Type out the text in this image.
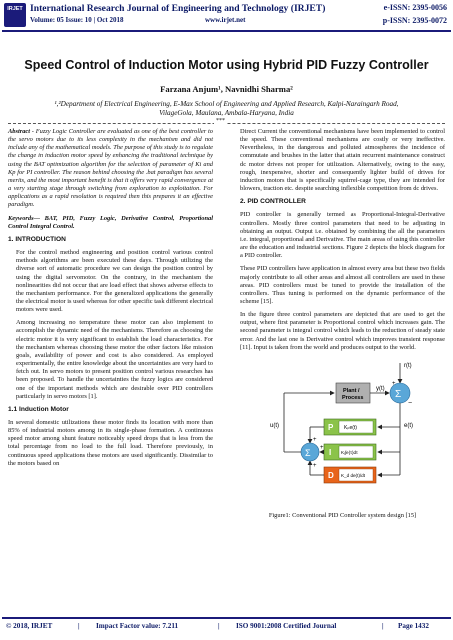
IRJET International Research Journal of Engineering and Technology (IRJET)	e-ISSN: 2395-0056
Volume: 05 Issue: 10 | Oct 2018	www.irjet.net	p-ISSN: 2395-0072
Speed Control of Induction Motor using Hybrid PID Fuzzy Controller
Farzana Anjum¹, Navnidhi Sharma²
¹,²Department of Electrical Engineering, E-Max School of Engineering and Applied Research, Kalpi-Naraingarh Road, VilageGola, Maulana, Ambala-Haryana, India
***

Abstract - Fuzzy Logic Controller are evaluated as one of the best controller to the servo motors due to its less complexity in the mechanism and did not include any of the mathematical models. The purpose of this study is to regulate the change in induction motor speed by enhancing the traditional technique by using the BAT optimization algorithm for the selection of parameter of Ki and Kp for PI controller. The reason behind choosing the .bat paradigm has several merits, and the most important benefit is that it offers very rapid convergence at a very starting stage through switching from exploration to exploitation. For applications as a rapid resolution is required then this prepares it an effective paradigm.

Keywords— BAT, PID, Fuzzy Logic, Derivative Control, Proportional Control Integral Control.

1. INTRODUCTION

For the control method engineering and position control various control methods algorithms are been executed these days. Through utilizing the diverse sort of automatic procedure we can design the position control by using the digital servomotor. On the contrary, in the mechanism the nonlinearities did not occur that are load effect that shows adverse effects to the mechanism performance. For the generalized applications the generally the electrical motor is used whereas for other specific task different electrical motors were used.

Among increasing no temperature these motor can also implement to accomplish the dynamic need of the mechanisms. Therefore as choosing the electric motor it is very significant to establish the load characteristics. For the mechanism whereas choosing these motor the other factors like mission goals, availability of power and cost is also considered. As employed experimentally, the entire knowledge about the uncertainties are very hard to fetch out. In servo motors to present position control various researches has been proposed. To handle the uncertainties the fuzzy logics are considered one of the important methods which are desirable over PID controllers particularly in servo motors [1].

1.1 Induction Motor

In several domestic utilizations these motor finds its location with more than 85% of industrial motors among in its single-phase formation. A continuous speed motor among shunt feature noticeably speed drops that is less from the total percentage from no load to the full load. Therefore previously, in continuous speed applications these motors are used significantly. Dissimilar to the motors based on

Direct Current the conventional mechanisms have been implemented to control the speed. These conventional mechanisms are costly or very ineffective. Nevertheless, in the dangerous and polluted atmospheres the incidence of commutate and brushes in the latter that attain recurrent maintenance construct dc motor drives not proper for utilization. Alternatively, owing to the easy, rough, inexpensive, shorter and consequently lighter build of drives for induction motors that is specifically squirrel-cage type, they are intended for blowers, traction etc. despite searching inflexible competition from dc drives.

2. PID CONTROLLER

PID controller is generally termed as Proportional-Integral-Derivative controllers. Mostly three control parameters that need to be adjusting in obtaining an output. Output i.e. obtained by combining the all the parameters i.e. integral, proportional and Derivative. The main areas of using this controller are the education and industrial sections. Figure 2 depicts the block diagram for a PID controller.

These PID controllers have application in almost every area but these two fields majorly contribute to all other areas and almost all controllers are used in these areas. PID controllers must be tuned to provide the installation of the controllers. Thus tuning is performed on the dynamic performance of the scheme [15].

In the figure three control parameters are depicted that are used to get the output, where first parameter is Proportional control which increases gain. The second parameter is integral control which leads to the reduction of steady state error. And the last one is Derivative control which improves transient response [11]. Input is taken from the world and produces output to the world.

r(t)
Σ
+
−
Plant /
Process
y(t)
e(t)
P Kₚe(t)
I Kᵢ∫e(τ)dτ
D K_d de(t)/dt
Σ
+
+
+
u(t)
Figure1: Conventional PID Controller system design [15]
© 2018, IRJET	| Impact Factor value: 7.211	| ISO 9001:2008 Certified Journal	| Page 1432
